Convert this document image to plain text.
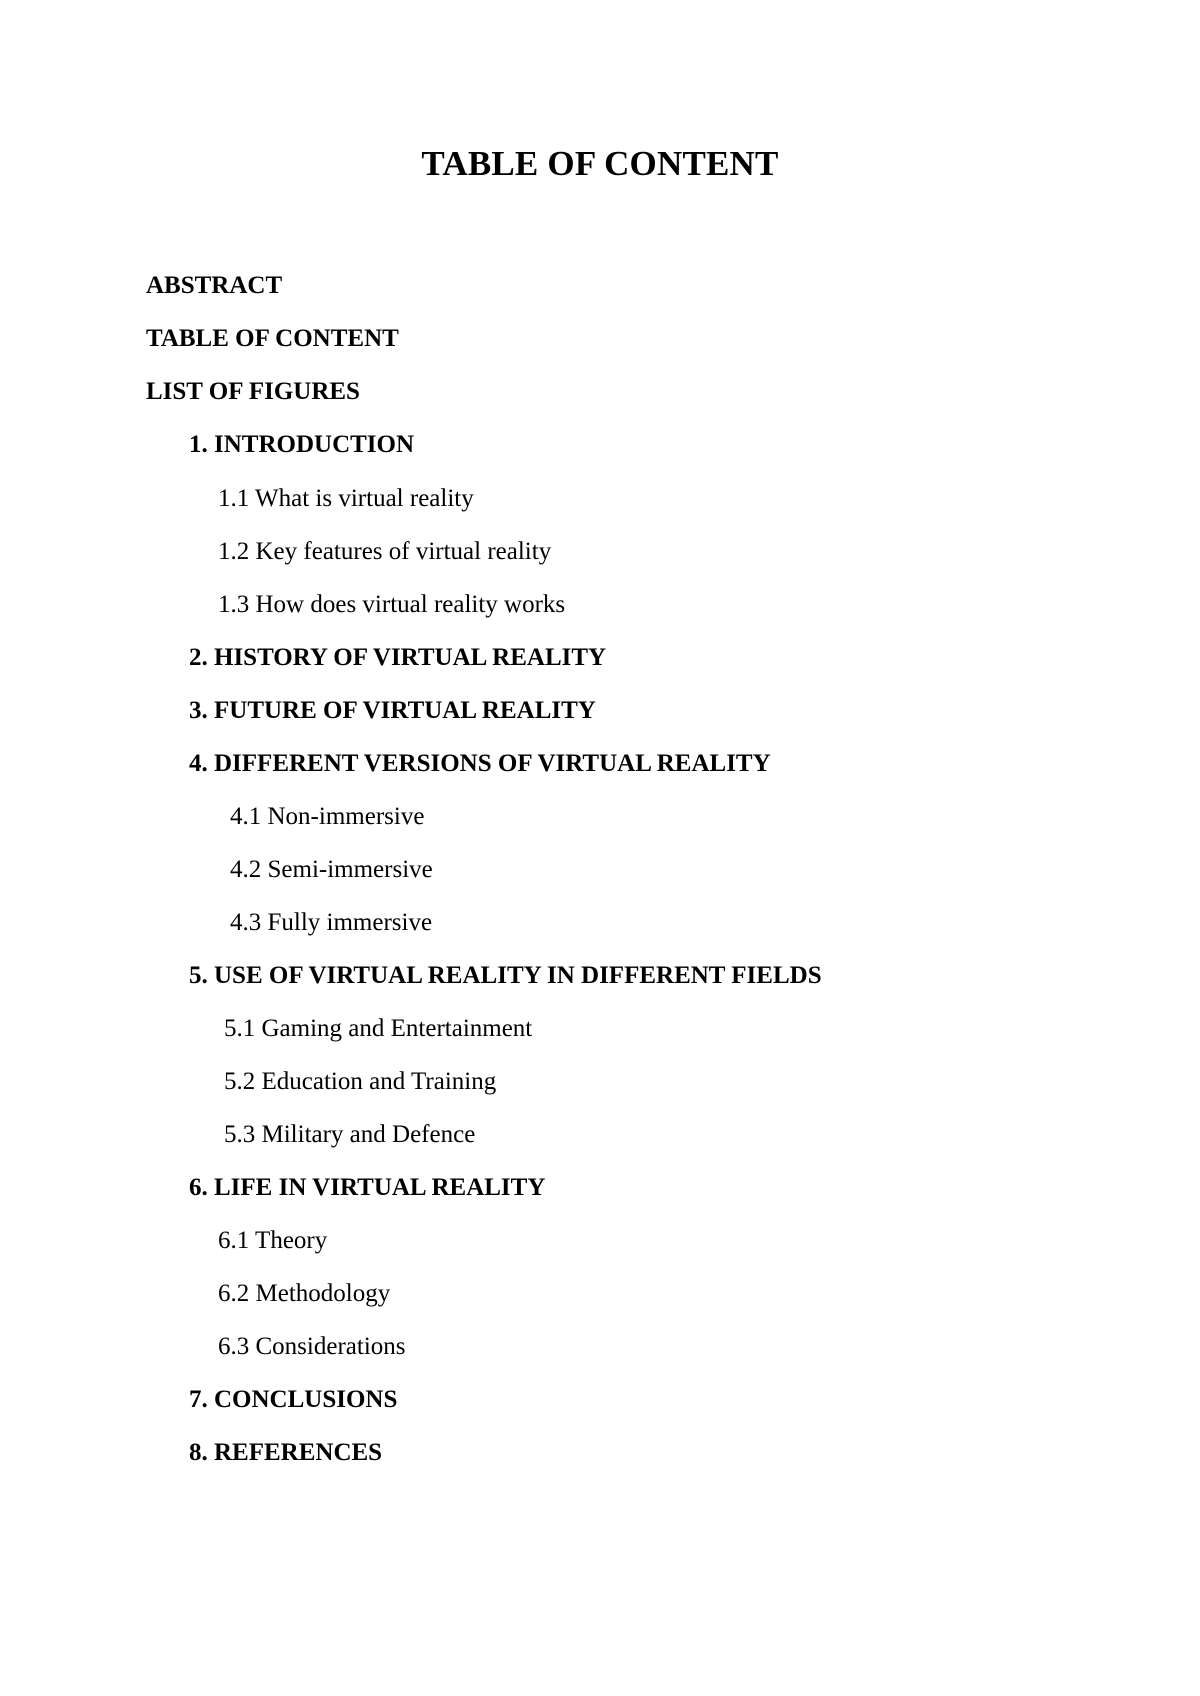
TABLE OF CONTENT
ABSTRACT
TABLE OF CONTENT
LIST OF FIGURES
1. INTRODUCTION
1.1 What is virtual reality
1.2 Key features of virtual reality
1.3 How does virtual reality works
2. HISTORY OF VIRTUAL REALITY
3. FUTURE OF VIRTUAL REALITY
4. DIFFERENT VERSIONS OF VIRTUAL REALITY
4.1 Non-immersive
4.2 Semi-immersive
4.3 Fully immersive
5. USE OF VIRTUAL REALITY IN DIFFERENT FIELDS
5.1 Gaming and Entertainment
5.2 Education and Training
5.3 Military and Defence
6. LIFE IN VIRTUAL REALITY
6.1 Theory
6.2 Methodology
6.3 Considerations
7. CONCLUSIONS
8. REFERENCES
